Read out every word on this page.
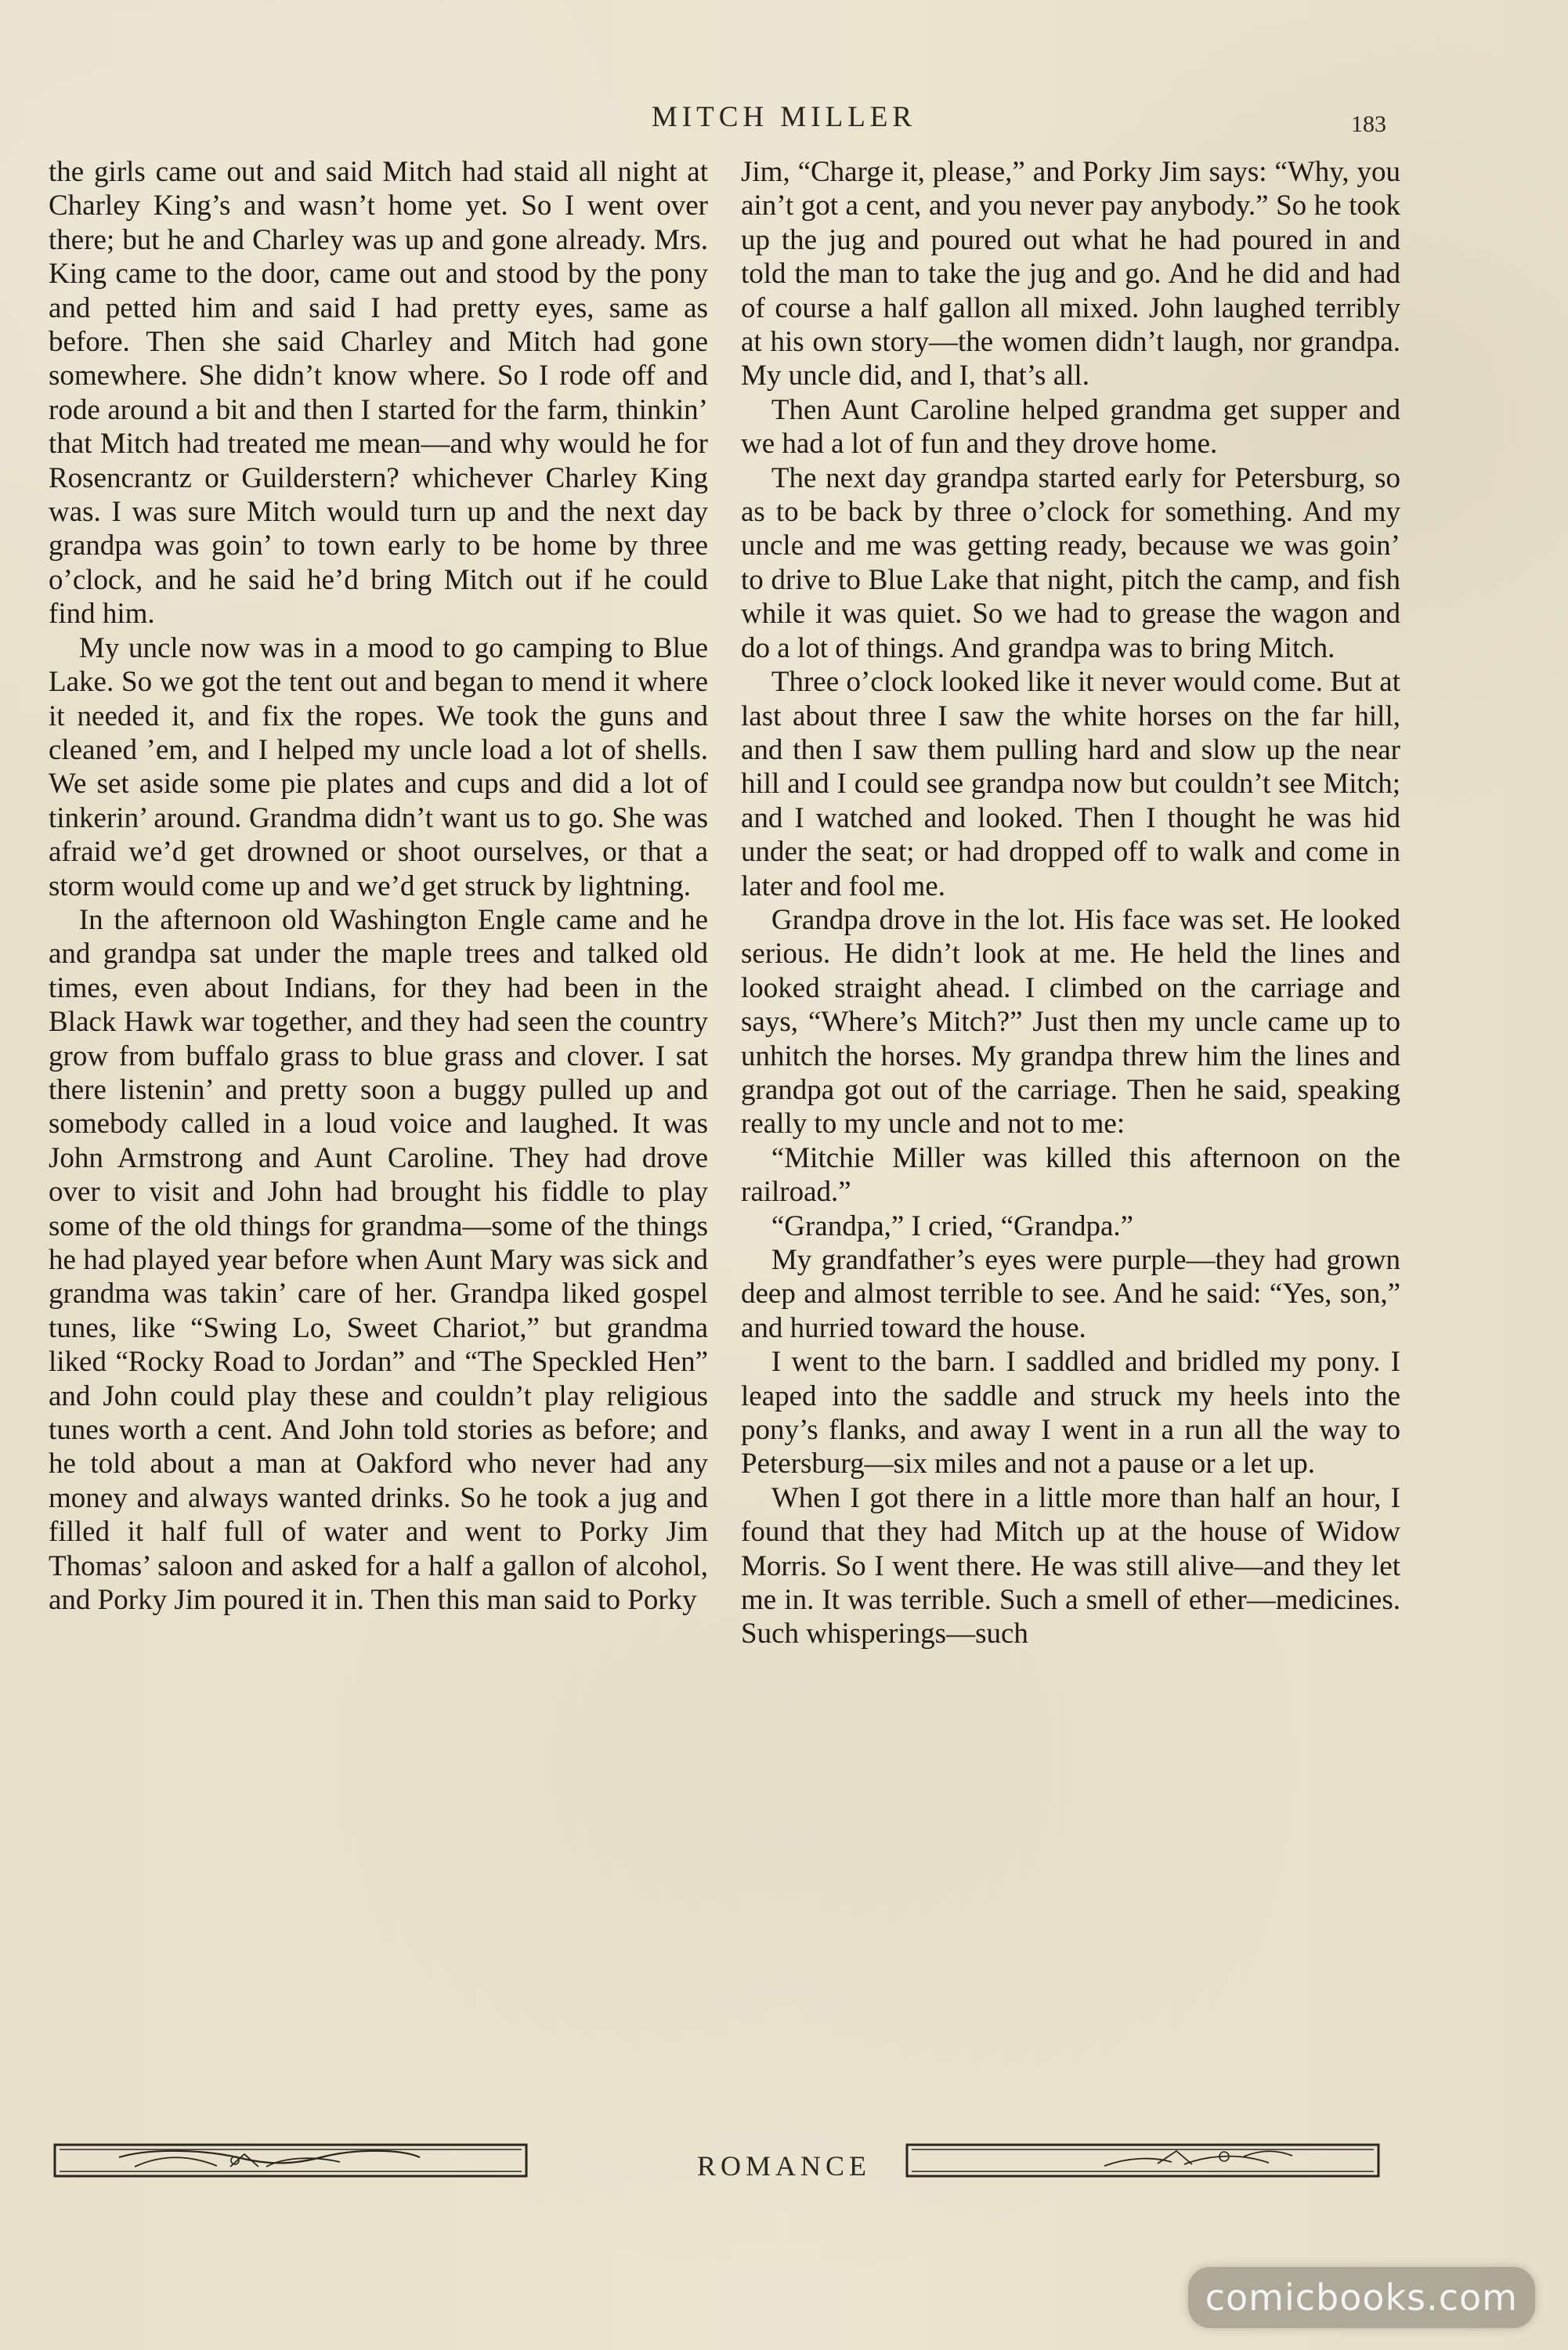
MITCH MILLER	183

the girls came out and said Mitch had staid all night at Charley King’s and wasn’t home yet. So I went over there; but he and Charley was up and gone already. Mrs. King came to the door, came out and stood by the pony and petted him and said I had pretty eyes, same as before. Then she said Charley and Mitch had gone somewhere. She didn’t know where. So I rode off and rode around a bit and then I started for the farm, thinkin’ that Mitch had treated me mean—and why would he for Rosencrantz or Guilderstern? whichever Charley King was. I was sure Mitch would turn up and the next day grandpa was goin’ to town early to be home by three o’clock, and he said he’d bring Mitch out if he could find him.

My uncle now was in a mood to go camping to Blue Lake. So we got the tent out and began to mend it where it needed it, and fix the ropes. We took the guns and cleaned ’em, and I helped my uncle load a lot of shells. We set aside some pie plates and cups and did a lot of tinkerin’ around. Grandma didn’t want us to go. She was afraid we’d get drowned or shoot ourselves, or that a storm would come up and we’d get struck by lightning.

In the afternoon old Washington Engle came and he and grandpa sat under the maple trees and talked old times, even about Indians, for they had been in the Black Hawk war together, and they had seen the country grow from buffalo grass to blue grass and clover. I sat there listenin’ and pretty soon a buggy pulled up and somebody called in a loud voice and laughed. It was John Armstrong and Aunt Caroline. They had drove over to visit and John had brought his fiddle to play some of the old things for grandma—some of the things he had played year before when Aunt Mary was sick and grandma was takin’ care of her. Grandpa liked gospel tunes, like “Swing Lo, Sweet Chariot,” but grandma liked “Rocky Road to Jordan” and “The Speckled Hen” and John could play these and couldn’t play religious tunes worth a cent. And John told stories as before; and he told about a man at Oakford who never had any money and always wanted drinks. So he took a jug and filled it half full of water and went to Porky Jim Thomas’ saloon and asked for a half a gallon of alcohol, and Porky Jim poured it in. Then this man said to Porky

Jim, “Charge it, please,” and Porky Jim says: “Why, you ain’t got a cent, and you never pay anybody.” So he took up the jug and poured out what he had poured in and told the man to take the jug and go. And he did and had of course a half gallon all mixed. John laughed terribly at his own story—the women didn’t laugh, nor grandpa. My uncle did, and I, that’s all.

Then Aunt Caroline helped grandma get supper and we had a lot of fun and they drove home.

The next day grandpa started early for Petersburg, so as to be back by three o’clock for something. And my uncle and me was getting ready, because we was goin’ to drive to Blue Lake that night, pitch the camp, and fish while it was quiet. So we had to grease the wagon and do a lot of things. And grandpa was to bring Mitch.

Three o’clock looked like it never would come. But at last about three I saw the white horses on the far hill, and then I saw them pulling hard and slow up the near hill and I could see grandpa now but couldn’t see Mitch; and I watched and looked. Then I thought he was hid under the seat; or had dropped off to walk and come in later and fool me.

Grandpa drove in the lot. His face was set. He looked serious. He didn’t look at me. He held the lines and looked straight ahead. I climbed on the carriage and says, “Where’s Mitch?” Just then my uncle came up to unhitch the horses. My grandpa threw him the lines and grandpa got out of the carriage. Then he said, speaking really to my uncle and not to me:

“Mitchie Miller was killed this afternoon on the railroad.”

“Grandpa,” I cried, “Grandpa.”

My grandfather’s eyes were purple—they had grown deep and almost terrible to see. And he said: “Yes, son,” and hurried toward the house.

I went to the barn. I saddled and bridled my pony. I leaped into the saddle and struck my heels into the pony’s flanks, and away I went in a run all the way to Petersburg—six miles and not a pause or a let up.

When I got there in a little more than half an hour, I found that they had Mitch up at the house of Widow Morris. So I went there. He was still alive—and they let me in. It was terrible. Such a smell of ether—medicines. Such whisperings—such

ROMANCE
comicbooks.com
